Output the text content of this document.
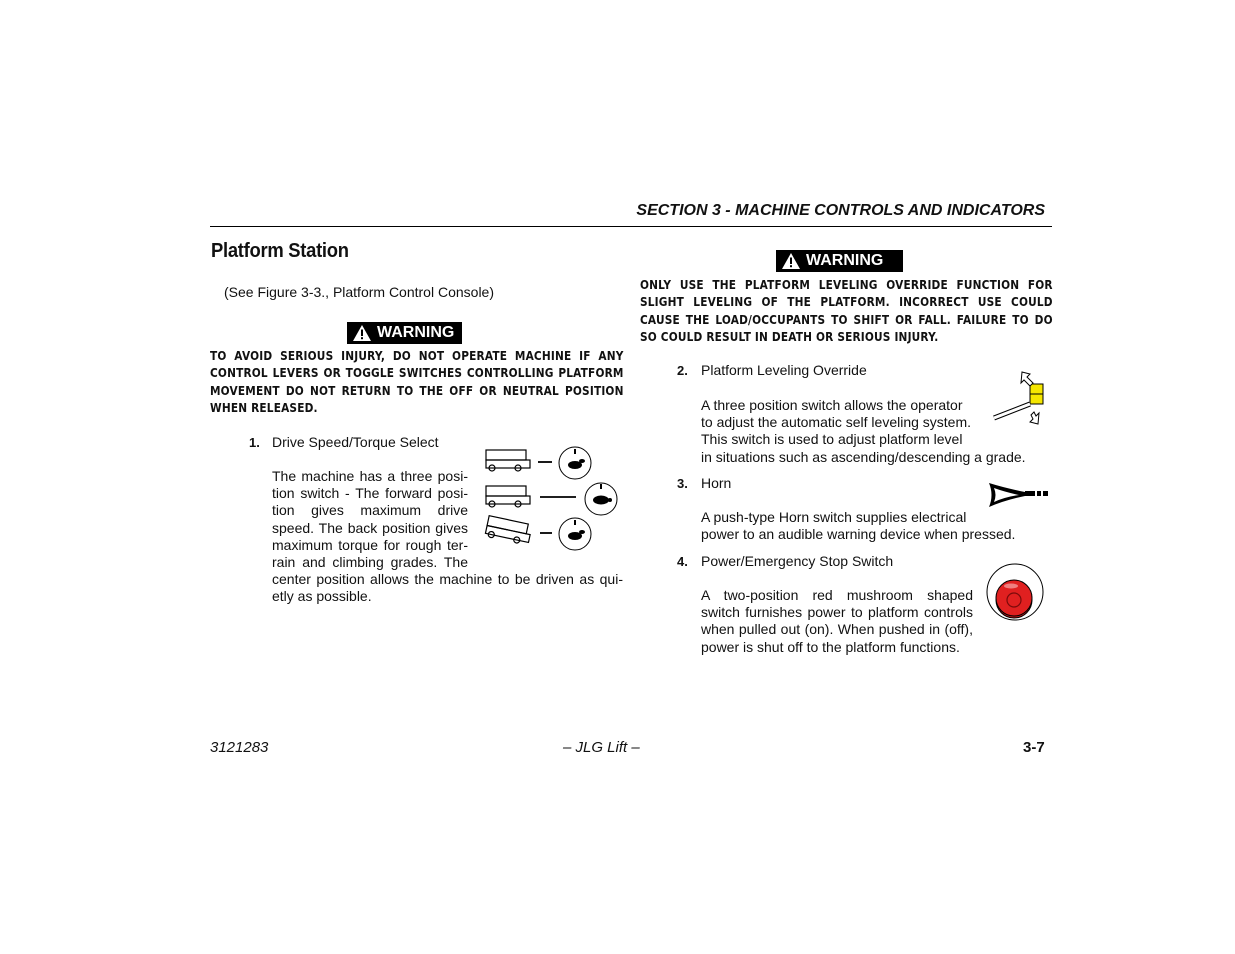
SECTION 3 - MACHINE CONTROLS AND INDICATORS
Platform Station
(See Figure 3-3., Platform Control Console)
WARNING
TO AVOID SERIOUS INJURY, DO NOT OPERATE MACHINE IF ANY CONTROL LEVERS OR TOGGLE SWITCHES CONTROLLING PLATFORM MOVEMENT DO NOT RETURN TO THE OFF OR NEUTRAL POSITION WHEN RELEASED.
1. Drive Speed/Torque Select
The machine has a three posi-
tion switch - The forward posi-
tion gives maximum drive
speed. The back position gives
maximum torque for rough ter-
rain and climbing grades. The
center position allows the machine to be driven as qui-
etly as possible.
WARNING
ONLY USE THE PLATFORM LEVELING OVERRIDE FUNCTION FOR SLIGHT LEVELING OF THE PLATFORM. INCORRECT USE COULD CAUSE THE LOAD/OCCUPANTS TO SHIFT OR FALL. FAILURE TO DO SO COULD RESULT IN DEATH OR SERIOUS INJURY.
2. Platform Leveling Override
A three position switch allows the operator
to adjust the automatic self leveling system.
This switch is used to adjust platform level
in situations such as ascending/descending a grade.
3. Horn
A push-type Horn switch supplies electrical
power to an audible warning device when pressed.
4. Power/Emergency Stop Switch
A two-position red mushroom shaped
switch furnishes power to platform controls
when pulled out (on). When pushed in (off),
power is shut off to the platform functions.
3121283	– JLG Lift –	3-7
